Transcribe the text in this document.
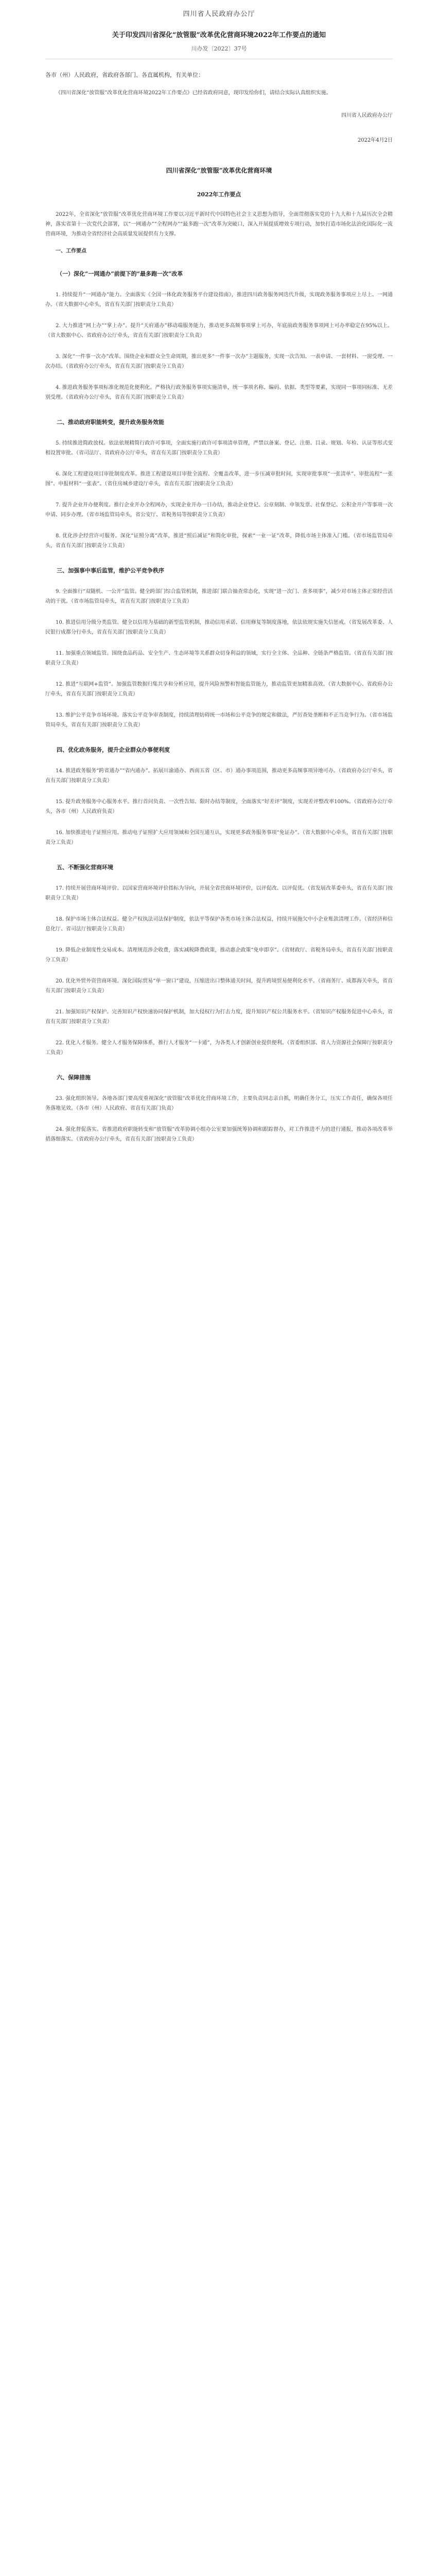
四川省人民政府办公厅
关于印发四川省深化“放管服”改革优化营商环境2022年工作要点的通知
川办发〔2022〕37号
各市（州）人民政府，省政府各部门、各直属机构，有关单位：
《四川省深化“放管服”改革优化营商环境2022年工作要点》已经省政府同意，现印发给你们，请结合实际认真组织实施。
四川省人民政府办公厅
2022年4月2日
四川省深化“放管服”改革优化营商环境
2022年工作要点
2022年，全省深化“放管服”改革优化营商环境工作要以习近平新时代中国特色社会主义思想为指导，全面贯彻落实党的十九大和十九届历次全会精神，落实省第十一次党代会部署，以“一网通办”“全程网办”“最多跑一次”改革为突破口，深入开展提质增效专项行动，加快打造市场化法治化国际化一流营商环境，为推动全省经济社会高质量发展提供有力支撑。
一、工作要点
（一）深化“一网通办”前提下的“最多跑一次”改革
1. 持续提升“一网通办”能力。全面落实《全国一体化政务服务平台建设指南》，推进四川政务服务网迭代升级，实现政务服务事项应上尽上、一网通办。（省大数据中心牵头，省直有关部门按职责分工负责）
2. 大力推进“网上办”“掌上办”。提升“天府通办”移动端服务能力，推动更多高频事项掌上可办，年底前政务服务事项网上可办率稳定在95%以上。（省大数据中心、省政府办公厅牵头，省直有关部门按职责分工负责）
3. 深化“一件事一次办”改革。围绕企业和群众全生命周期，推出更多“一件事一次办”主题服务，实现一次告知、一表申请、一套材料、一窗受理、一次办结。（省政府办公厅牵头，省直有关部门按职责分工负责）
4. 推进政务服务事项标准化规范化便利化。严格执行政务服务事项实施清单，统一事项名称、编码、依据、类型等要素，实现同一事项同标准、无差别受理。（省政府办公厅牵头，省直有关部门按职责分工负责）
二、推动政府职能转变，提升政务服务效能
5. 持续推进简政放权。依法依规精简行政许可事项，全面实施行政许可事项清单管理，严禁以备案、登记、注册、目录、规划、年检、认证等形式变相设置审批。（省司法厅、省政府办公厅牵头，省直有关部门按职责分工负责）
6. 深化工程建设项目审批制度改革。推进工程建设项目审批全流程、全覆盖改革，进一步压减审批时间，实现审批事项“一张清单”、审批流程“一张图”、申报材料“一张表”。（省住房城乡建设厅牵头，省直有关部门按职责分工负责）
7. 提升企业开办便利度。推行企业开办全程网办，实现企业开办一日办结，推动企业登记、公章刻制、申领发票、社保登记、公积金开户等事项一次申请、同步办理。（省市场监管局牵头，省公安厅、省税务局等按职责分工负责）
8. 优化涉企经营许可服务。深化“证照分离”改革，推进“照后减证”和简化审批，探索“一业一证”改革，降低市场主体准入门槛。（省市场监管局牵头，省直有关部门按职责分工负责）
三、加强事中事后监管，维护公平竞争秩序
9. 全面推行“双随机、一公开”监管。健全跨部门综合监管机制，推进部门联合抽查常态化，实现“进一次门、查多项事”，减少对市场主体正常经营活动的干扰。（省市场监管局牵头，省直有关部门按职责分工负责）
10. 推进信用分级分类监管。健全以信用为基础的新型监管机制，推动信用承诺、信用修复等制度落地，依法依规实施失信惩戒。（省发展改革委、人民银行成都分行牵头，省直有关部门按职责分工负责）
11. 加强重点领域监管。围绕食品药品、安全生产、生态环境等关系群众切身利益的领域，实行全主体、全品种、全链条严格监管。（省直有关部门按职责分工负责）
12. 推进“互联网+监管”。加强监管数据归集共享和分析应用，提升风险预警和智能监管能力，推动监管更加精准高效。（省大数据中心、省政府办公厅牵头，省直有关部门按职责分工负责）
13. 维护公平竞争市场环境。落实公平竞争审查制度，持续清理妨碍统一市场和公平竞争的规定和做法，严厉查处垄断和不正当竞争行为。（省市场监管局牵头，省直有关部门按职责分工负责）
四、优化政务服务，提升企业群众办事便利度
14. 推进政务服务“跨省通办”“省内通办”。拓展川渝通办、西南五省（区、市）通办事项范围，推动更多高频事项异地可办。（省政府办公厅牵头，省直有关部门按职责分工负责）
15. 提升政务服务中心服务水平。推行首问负责、一次性告知、限时办结等制度，全面落实“好差评”制度，实现差评整改率100%。（省政府办公厅牵头，各市（州）人民政府负责）
16. 加快推进电子证照应用。推动电子证照扩大应用领域和全国互通互认，实现更多政务服务事项“免证办”。（省大数据中心牵头，省直有关部门按职责分工负责）
五、不断强化营商环境
17. 持续开展营商环境评价。以国家营商环境评价指标为导向，开展全省营商环境评价，以评促改、以评促优。（省发展改革委牵头，省直有关部门按职责分工负责）
18. 保护市场主体合法权益。健全产权执法司法保护制度，依法平等保护各类市场主体合法权益，持续开展拖欠中小企业账款清理工作。（省经济和信息化厅、省司法厅按职责分工负责）
19. 降低企业制度性交易成本。清理规范涉企收费，落实减税降费政策，推动惠企政策“免申即享”。（省财政厅、省税务局牵头，省直有关部门按职责分工负责）
20. 优化外贸外资营商环境。深化国际贸易“单一窗口”建设，压缩进出口整体通关时间，提升跨境贸易便利化水平。（省商务厅、成都海关牵头，省直有关部门按职责分工负责）
21. 加强知识产权保护。完善知识产权快速协同保护机制，加大侵权行为打击力度，提升知识产权公共服务水平。（省知识产权服务促进中心牵头，省直有关部门按职责分工负责）
22. 优化人才服务。健全人才服务保障体系，推行人才服务“一卡通”，为各类人才创新创业提供便利。（省委组织部、省人力资源社会保障厅按职责分工负责）
六、保障措施
23. 强化组织领导。各地各部门要高度重视深化“放管服”改革优化营商环境工作，主要负责同志亲自抓，明确任务分工，压实工作责任，确保各项任务落地见效。（各市（州）人民政府、省直有关部门负责）
24. 强化督促落实。省推进政府职能转变和“放管服”改革协调小组办公室要加强统筹协调和跟踪督办，对工作推进不力的进行通报，推动各项改革举措落细落实。（省政府办公厅牵头，省直有关部门按职责分工负责）
